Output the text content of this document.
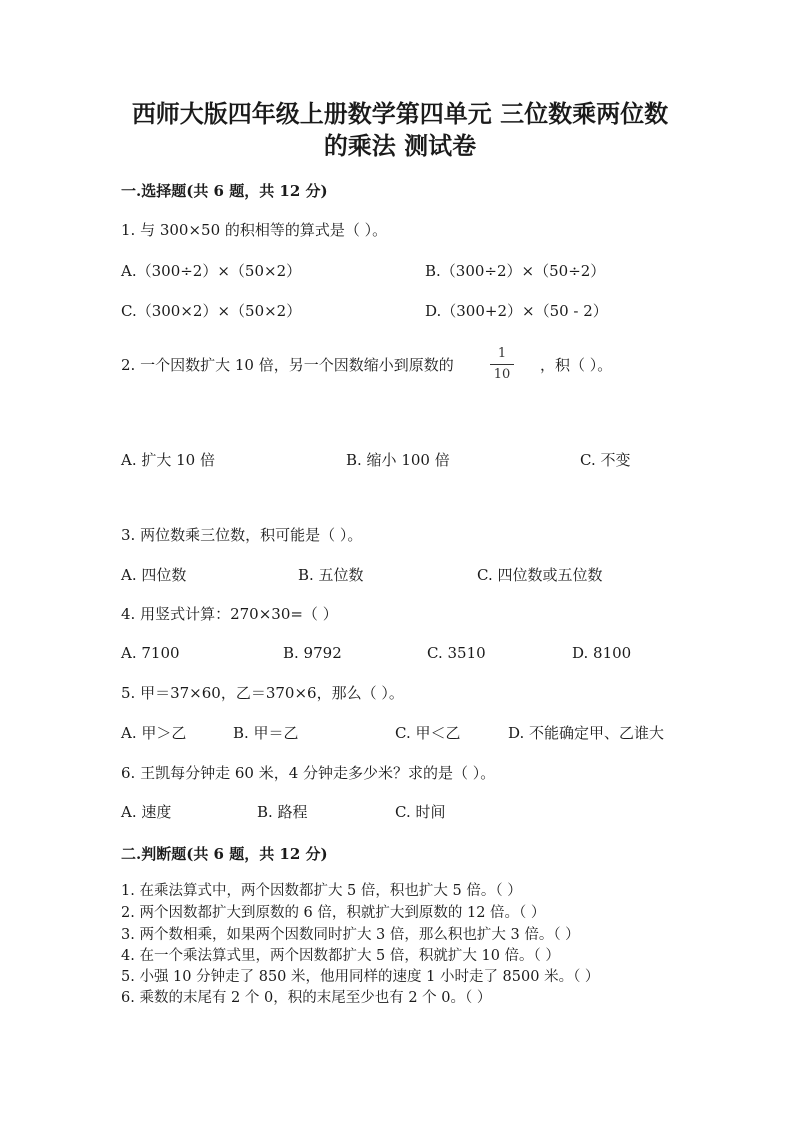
西师大版四年级上册数学第四单元 三位数乘两位数
的乘法 测试卷
一.选择题(共 6 题，共 12 分)
1. 与 300×50 的积相等的算式是（ ）。
A.（300÷2）×（50×2）	B.（300÷2）×（50÷2）
C.（300×2）×（50×2）	D.（300+2）×（50 - 2）
2. 一个因数扩大 10 倍，另一个因数缩小到原数的
1
10
，积（ ）。
A. 扩大 10 倍	B. 缩小 100 倍	C. 不变
3. 两位数乘三位数，积可能是（ ）。
A. 四位数	B. 五位数	C. 四位数或五位数
4. 用竖式计算：270×30=（ ）
A. 7100	B. 9792	C. 3510	D. 8100
5. 甲＝37×60，乙＝370×6，那么（ ）。
A. 甲＞乙	B. 甲＝乙	C. 甲＜乙	D. 不能确定甲、乙谁大
6. 王凯每分钟走 60 米，4 分钟走多少米？求的是（ ）。
A. 速度	B. 路程	C. 时间
二.判断题(共 6 题，共 12 分)
1. 在乘法算式中，两个因数都扩大 5 倍，积也扩大 5 倍。（ ）
2. 两个因数都扩大到原数的 6 倍，积就扩大到原数的 12 倍。（ ）
3. 两个数相乘，如果两个因数同时扩大 3 倍，那么积也扩大 3 倍。（ ）
4. 在一个乘法算式里，两个因数都扩大 5 倍，积就扩大 10 倍。（ ）
5. 小强 10 分钟走了 850 米，他用同样的速度 1 小时走了 8500 米。（ ）
6. 乘数的末尾有 2 个 0，积的末尾至少也有 2 个 0。（ ）
